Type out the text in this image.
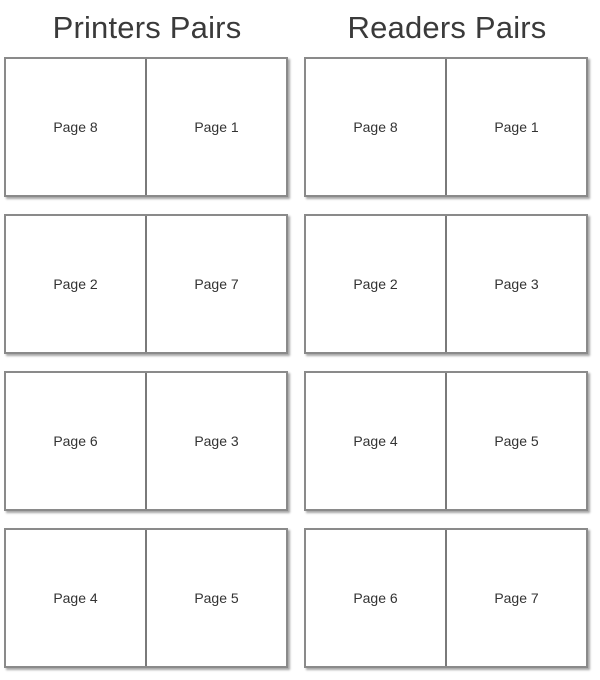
Printers Pairs
Page 8	Page 1
Page 2	Page 7
Page 6	Page 3
Page 4	Page 5
Readers Pairs
Page 8	Page 1
Page 2	Page 3
Page 4	Page 5
Page 6	Page 7
